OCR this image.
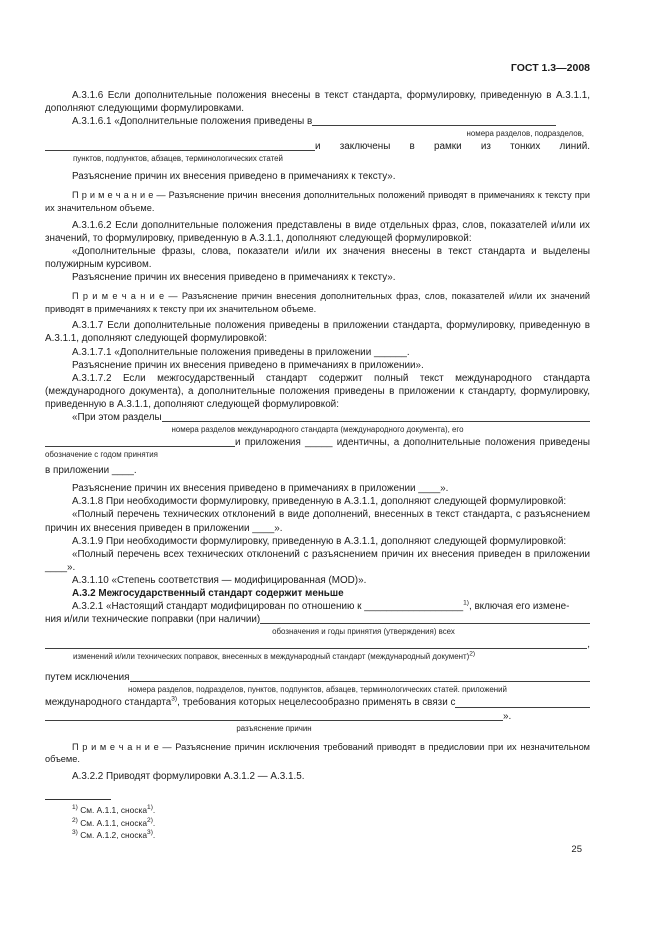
ГОСТ 1.3—2008

А.3.1.6 Если дополнительные положения внесены в текст стандарта, формулировку, приведенную в А.3.1.1, дополняют следующими формулировками.

А.3.1.6.1 «Дополнительные положения приведены в
номера разделов, подразделов,
и заключены в рамки из тонких линий.
пунктов, подпунктов, абзацев, терминологических статей

Разъяснение причин их внесения приведено в примечаниях к тексту».

П р и м е ч а н и е — Разъяснение причин внесения дополнительных положений приводят в примечаниях к тексту при их значительном объеме.

А.3.1.6.2 Если дополнительные положения представлены в виде отдельных фраз, слов, показателей и/или их значений, то формулировку, приведенную в А.3.1.1, дополняют следующей формулировкой:

«Дополнительные фразы, слова, показатели и/или их значения внесены в текст стандарта и выделены полужирным курсивом.

Разъяснение причин их внесения приведено в примечаниях к тексту».

П р и м е ч а н и е — Разъяснение причин внесения дополнительных фраз, слов, показателей и/или их значений приводят в примечаниях к тексту при их значительном объеме.

А.3.1.7 Если дополнительные положения приведены в приложении стандарта, формулировку, приведенную в А.3.1.1, дополняют следующей формулировкой:

А.3.1.7.1 «Дополнительные положения приведены в приложении ______.

Разъяснение причин их внесения приведено в примечаниях в приложении».

А.3.1.7.2 Если межгосударственный стандарт содержит полный текст международного стандарта (международного документа), а дополнительные положения приведены в приложении к стандарту, формулировку, приведенную в А.3.1.1, дополняют следующей формулировкой:

«При этом разделы
номера разделов международного стандарта (международного документа), его
и приложения _____ идентичны, а дополнительные положения приведены
обозначение с годом принятия
в приложении ____.

Разъяснение причин их внесения приведено в примечаниях в приложении ____».

А.3.1.8 При необходимости формулировку, приведенную в А.3.1.1, дополняют следующей формулировкой:

«Полный перечень технических отклонений в виде дополнений, внесенных в текст стандарта, с разъяснением причин их внесения приведен в приложении ____».

А.3.1.9 При необходимости формулировку, приведенную в А.3.1.1, дополняют следующей формулировкой:

«Полный перечень всех технических отклонений с разъяснением причин их внесения приведен в приложении ____».

А.3.1.10 «Степень соответствия — модифицированная (MOD)».

А.3.2 Межгосударственный стандарт содержит меньше

А.3.2.1 «Настоящий стандарт модифицирован по отношению к __________________$^{1)}$, включая его измене-
ния и/или технические поправки (при наличии)
обозначения и годы принятия (утверждения) всех
,
изменений и/или технических поправок, внесенных в международный стандарт (международный документ)$^{2)}$
путем исключения
номера разделов, подразделов, пунктов, подпунктов, абзацев, терминологических статей. приложений
международного стандарта$^{3)}$, требования которых нецелесообразно применять в связи с
».
разъяснение причин

П р и м е ч а н и е — Разъяснение причин исключения требований приводят в предисловии при их незначительном объеме.

А.3.2.2 Приводят формулировки А.3.1.2 — А.3.1.5.

$^{1)}$ См. А.1.1, сноска$^{1)}$.
$^{2)}$ См. А.1.1, сноска$^{2)}$.
$^{3)}$ См. А.1.2, сноска$^{3)}$.
25
